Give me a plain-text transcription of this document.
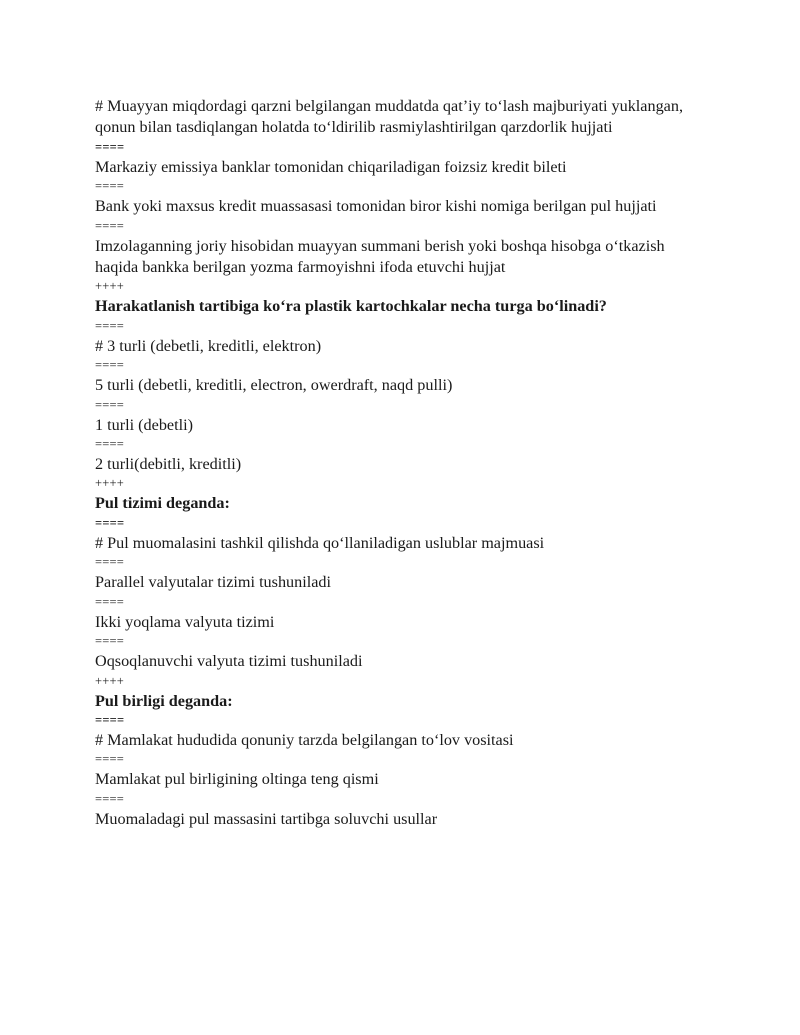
# Muayyan miqdordagi qarzni belgilangan muddatda qat’iy to‘lash majburiyati yuklangan, qonun bilan tasdiqlangan holatda to‘ldirilib rasmiylashtirilgan qarzdorlik hujjati
====
Markaziy emissiya banklar tomonidan chiqariladigan foizsiz kredit bileti
====
Bank yoki maxsus kredit muassasasi tomonidan biror kishi nomiga berilgan pul hujjati
====
Imzolaganning joriy hisobidan muayyan summani berish yoki boshqa hisobga o‘tkazish haqida bankka berilgan yozma farmoyishni ifoda etuvchi hujjat
++++
Harakatlanish tartibiga ko‘ra plastik kartochkalar necha turga bo‘linadi?
====
# 3 turli (debetli, kreditli, elektron)
====
5 turli (debetli, kreditli, electron, owerdraft, naqd pulli)
====
1 turli (debetli)
====
2 turli(debitli, kreditli)
++++
Pul tizimi deganda:
====
# Pul muomalasini tashkil qilishda qo‘llaniladigan uslublar majmuasi
====
Parallel valyutalar tizimi tushuniladi
====
Ikki yoqlama valyuta tizimi
====
Oqsoqlanuvchi valyuta tizimi tushuniladi
++++
Pul birligi deganda:
====
# Mamlakat hududida qonuniy tarzda belgilangan to‘lov vositasi
====
Mamlakat pul birligining oltinga teng qismi
====
Muomaladagi pul massasini tartibga soluvchi usullar
